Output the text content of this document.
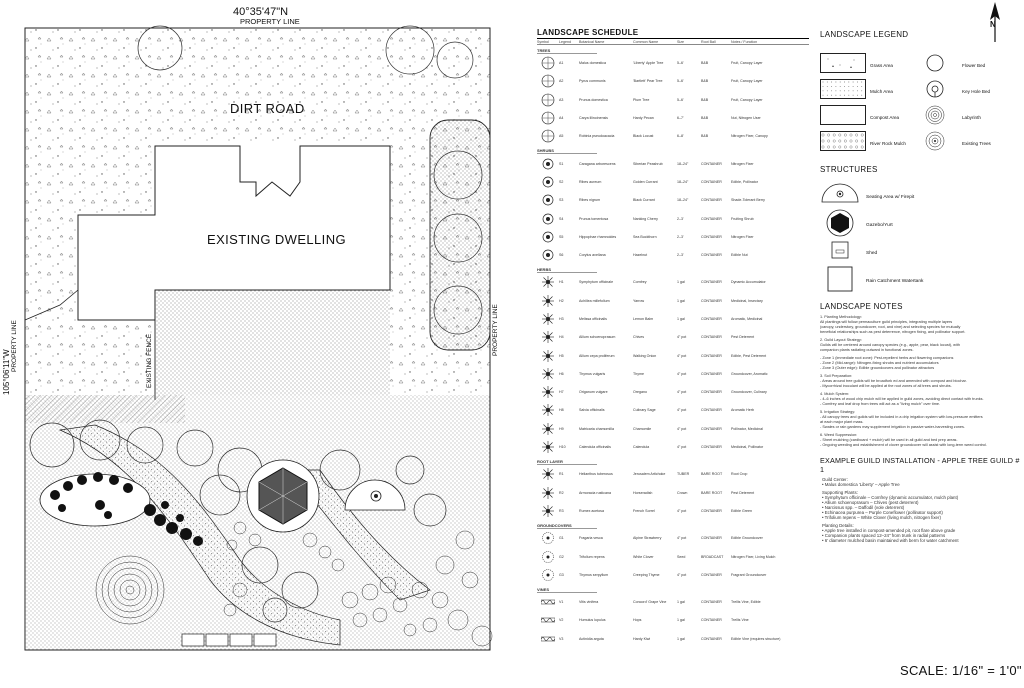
40°35'47"N
PROPERTY LINE
DIRT ROAD
EXISTING DWELLING
105°06'11"W
PROPERTY LINE	PROPERTY LINE
EXISTING FENCE
LANDSCAPE SCHEDULE
Symbol	Legend	Botanical Name	Common Name	Size	Root Ball	Notes / Function
TREES
A1	Malus domestica	'Liberty' Apple Tree	5–6'	B&B	Fruit, Canopy Layer
A2	Pyrus communis	'Bartlett' Pear Tree	5–6'	B&B	Fruit, Canopy Layer
A3	Prunus domestica	Plum Tree	5–6'	B&B	Fruit, Canopy Layer
A4	Carya illinoinensis	Hardy Pecan	6–7'	B&B	Nut, Nitrogen User
A5	Robinia pseudoacacia	Black Locust	6–8'	B&B	Nitrogen Fixer, Canopy
SHRUBS
S1	Caragana arborescens	Siberian Peashrub	18–24"	CONTAINER	Nitrogen Fixer
S2	Ribes aureum	Golden Currant	18–24"	CONTAINER	Edible, Pollinator
S3	Ribes nigrum	Black Currant	18–24"	CONTAINER	Shade-Tolerant Berry
S4	Prunus tomentosa	Nanking Cherry	2–3'	CONTAINER	Fruiting Shrub
S5	Hippophae rhamnoides	Sea Buckthorn	2–3'	CONTAINER	Nitrogen Fixer
S6	Corylus avellana	Hazelnut	2–3'	CONTAINER	Edible Nut
HERBS
H1	Symphytum officinale	Comfrey	1 gal	CONTAINER	Dynamic Accumulator
H2	Achillea millefolium	Yarrow	1 gal	CONTAINER	Medicinal, Insectary
H3	Melissa officinalis	Lemon Balm	1 gal	CONTAINER	Aromatic, Medicinal
H4	Allium schoenoprasum	Chives	4" pot	CONTAINER	Pest Deterrent
H5	Allium cepa proliferum	Walking Onion	4" pot	CONTAINER	Edible, Pest Deterrent
H6	Thymus vulgaris	Thyme	4" pot	CONTAINER	Groundcover, Aromatic
H7	Origanum vulgare	Oregano	4" pot	CONTAINER	Groundcover, Culinary
H8	Salvia officinalis	Culinary Sage	4" pot	CONTAINER	Aromatic Herb
H9	Matricaria chamomilla	Chamomile	4" pot	CONTAINER	Pollinator, Medicinal
H10	Calendula officinalis	Calendula	4" pot	CONTAINER	Medicinal, Pollinator
ROOT LAYER
R1	Helianthus tuberosus	Jerusalem Artichoke	TUBER	BARE ROOT	Root Crop
R2	Armoracia rusticana	Horseradish	Crown	BARE ROOT	Pest Deterrent
R3	Rumex acetosa	French Sorrel	4" pot	CONTAINER	Edible Green
GROUNDCOVERS
G1	Fragaria vesca	Alpine Strawberry	4" pot	CONTAINER	Edible Groundcover
G2	Trifolium repens	White Clover	Seed	BROADCAST	Nitrogen Fixer, Living Mulch
G3	Thymus serpyllum	Creeping Thyme	4" pot	CONTAINER	Fragrant Groundcover
VINES
V1	Vitis vinifera	Concord' Grape Vine	1 gal	CONTAINER	Trellis Vine, Edible
V2	Humulus lupulus	Hops	1 gal	CONTAINER	Trellis Vine
V3	Actinidia arguta	Hardy Kiwi	1 gal	CONTAINER	Edible Vine (requires structure)
LANDSCAPE LEGEND
Grass Area	Flower Bed
Mulch Area	Key Hole Bed
Compost Area	Labyrinth
River Rock Mulch	Existing Trees
STRUCTURES
Seating Area w/ Firepit
Gazebo/Yurt
Shed
Rain Catchment Watertank
LANDSCAPE NOTES
1. Planting Methodology:
All plantings will follow permaculture guild principles, integrating multiple layers
(canopy, understory, groundcover, root, and vine) and selecting species for mutually
beneficial relationships such as pest deterrence, nitrogen fixing, and pollinator support.
2. Guild Layout Strategy:
Guilds will be centered around canopy species (e.g., apple, pear, black locust), with
companion plants radiating outward in functional zones.
- Zone 1 (immediate root zone): Pest-repellent herbs and flowering companions
- Zone 2 (Mid-range): Nitrogen-fixing shrubs and nutrient accumulators
- Zone 3 (Outer edge): Edible groundcovers and pollinator attractors
3. Soil Preparation:
- Areas around tree guilds will be broadfork ed and amended with compost and biochar.
- Mycorrhizal inoculant will be applied at the root zones of all trees and shrubs.
4. Mulch System:
- 4–6 inches of wood chip mulch will be applied in guild zones, avoiding direct contact with trunks.
- Comfrey and leaf drop from trees will act as a "living mulch" over time.
5. Irrigation Strategy:
- All canopy trees and guilds will be included in a drip irrigation system with low-pressure emitters
at each major plant mass.
- Swales or rain gardens may supplement irrigation in passive water-harvesting zones.
6. Weed Suppression:
- Sheet mulching (cardboard + mulch) will be used in all guild and bed prep areas.
- Ongoing weeding and establishment of clover groundcover will assist with long-term weed control.
EXAMPLE GUILD INSTALLATION - APPLE TREE GUILD # 1
Guild Center:
• Malus domestica 'Liberty' – Apple Tree
Supporting Plants:
• Symphytum officinale – Comfrey (dynamic accumulator, mulch plant)
• Allium schoenoprasum – Chives (pest deterrent)
• Narcissus spp. – Daffodil (vole deterrent)
• Echinacea purpurea – Purple Coneflower (pollinator support)
• Trifolium repens – White Clover (living mulch, nitrogen fixer)
Planting Details:
• Apple tree installed in compost-amended pit, root flare above grade
• Companion plants spaced 12–24" from trunk in radial patterns
• 6' diameter mulched basin maintained with berm for water catchment
N
SCALE: 1/16" = 1'0"
